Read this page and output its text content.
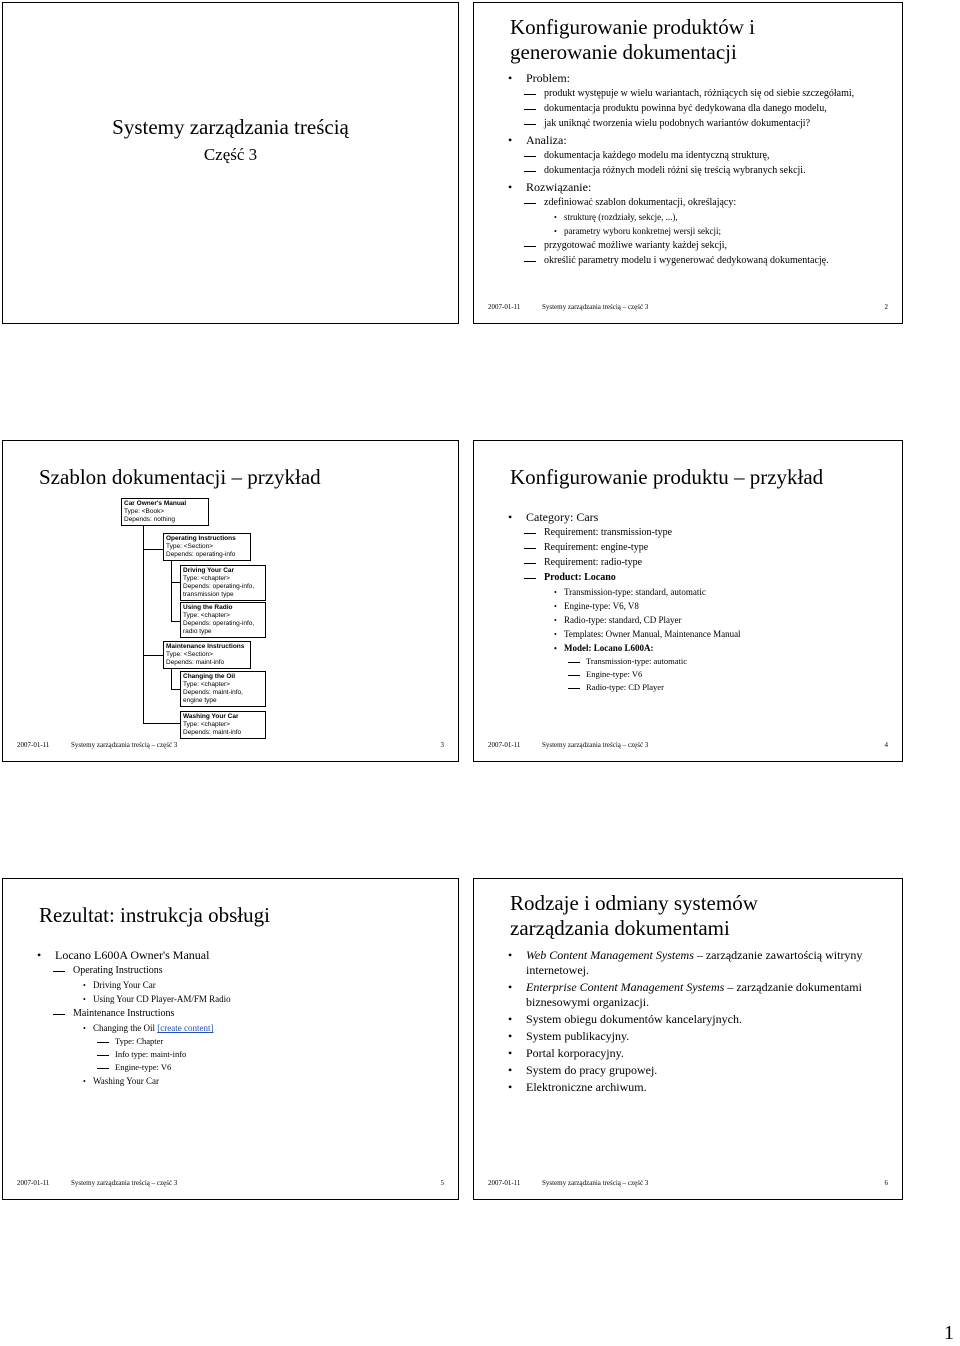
Systemy zarządzania treścią
Część 3
Konfigurowanie produktów i
generowanie dokumentacji
• Problem:
produkt występuje w wielu wariantach, różniących się od siebie szczegółami,
dokumentacja produktu powinna być dedykowana dla danego modelu,
jak uniknąć tworzenia wielu podobnych wariantów dokumentacji?
• Analiza:
dokumentacja każdego modelu ma identyczną strukturę,
dokumentacja różnych modeli różni się treścią wybranych sekcji.
• Rozwiązanie:
zdefiniować szablon dokumentacji, określający:
• strukturę (rozdziały, sekcje, ...),
• parametry wyboru konkretnej wersji sekcji;
przygotować możliwe warianty każdej sekcji,
określić parametry modelu i wygenerować dedykowaną dokumentację.
2007-01-11	Systemy zarządzania treścią – część 3	2
Szablon dokumentacji – przykład
Car Owner's Manual
Type: <Book>
Depends: nothing
Operating Instructions
Type: <Section>
Depends: operating-info
Driving Your Car
Type: <chapter>
Depends: operating-info,
transmission type
Using the Radio
Type: <chapter>
Depends: operating-info,
radio type
Maintenance Instructions
Type: <Section>
Depends: maint-info
Changing the Oil
Type: <chapter>
Depends: maint-info,
engine type
Washing Your Car
Type: <chapter>
Depends: maint-info
2007-01-11	Systemy zarządzania treścią – część 3	3
Konfigurowanie produktu – przykład
• Category: Cars
Requirement: transmission-type
Requirement: engine-type
Requirement: radio-type
Product: Locano
• Transmission-type: standard, automatic
• Engine-type: V6, V8
• Radio-type: standard, CD Player
• Templates: Owner Manual, Maintenance Manual
• Model: Locano L600A:
Transmission-type: automatic
Engine-type: V6
Radio-type: CD Player
2007-01-11	Systemy zarządzania treścią – część 3	4
Rezultat: instrukcja obsługi
• Locano L600A Owner's Manual
Operating Instructions
• Driving Your Car
• Using Your CD Player-AM/FM Radio
Maintenance Instructions
• Changing the Oil [create content]
Type: Chapter
Info type: maint-info
Engine-type: V6
• Washing Your Car
2007-01-11	Systemy zarządzania treścią – część 3	5
Rodzaje i odmiany systemów
zarządzania dokumentami
• Web Content Management Systems – zarządzanie zawartością witryny internetowej.
• Enterprise Content Management Systems – zarządzanie dokumentami biznesowymi organizacji.
• System obiegu dokumentów kancelaryjnych.
• System publikacyjny.
• Portal korporacyjny.
• System do pracy grupowej.
• Elektroniczne archiwum.
2007-01-11	Systemy zarządzania treścią – część 3	6
1
